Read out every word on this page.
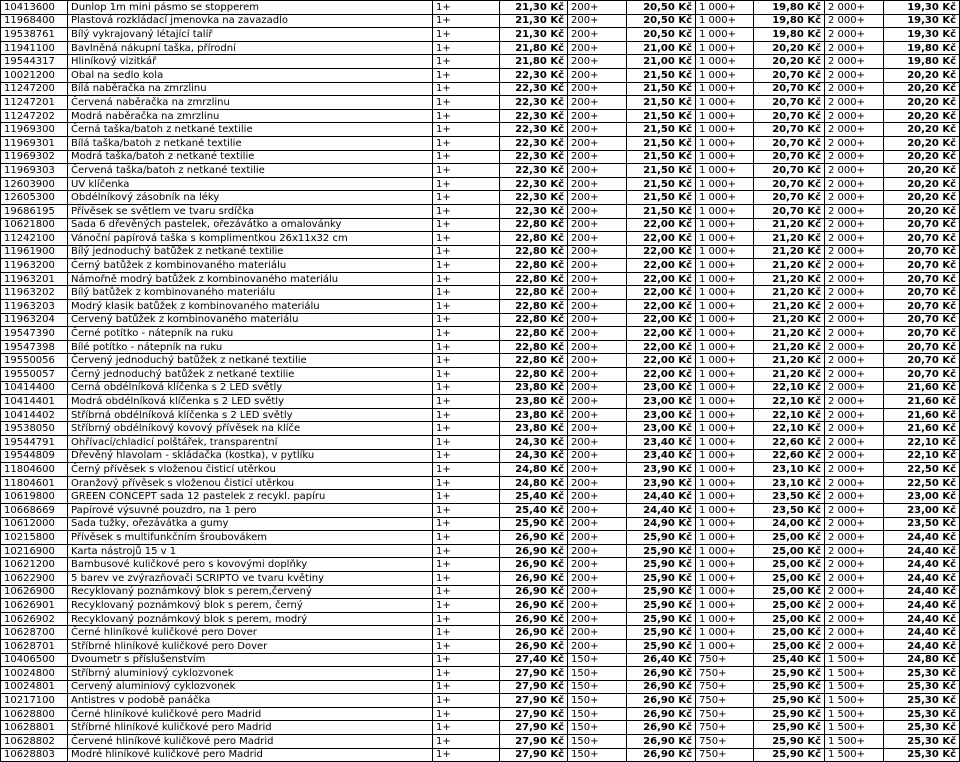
10413600	Dunlop 1m mini pásmo se stopperem	1+	21,30 Kč	200+	20,50 Kč	1 000+	19,80 Kč	2 000+	19,30 Kč
11968400	Plastová rozkládací jmenovka na zavazadlo	1+	21,30 Kč	200+	20,50 Kč	1 000+	19,80 Kč	2 000+	19,30 Kč
19538761	Bílý vykrajovaný létající talíř	1+	21,30 Kč	200+	20,50 Kč	1 000+	19,80 Kč	2 000+	19,30 Kč
11941100	Bavlněná nákupní taška, přírodní	1+	21,80 Kč	200+	21,00 Kč	1 000+	20,20 Kč	2 000+	19,80 Kč
19544317	Hliníkový vizitkář	1+	21,80 Kč	200+	21,00 Kč	1 000+	20,20 Kč	2 000+	19,80 Kč
10021200	Obal na sedlo kola	1+	22,30 Kč	200+	21,50 Kč	1 000+	20,70 Kč	2 000+	20,20 Kč
11247200	Bílá naběračka na zmrzlinu	1+	22,30 Kč	200+	21,50 Kč	1 000+	20,70 Kč	2 000+	20,20 Kč
11247201	Červená naběračka na zmrzlinu	1+	22,30 Kč	200+	21,50 Kč	1 000+	20,70 Kč	2 000+	20,20 Kč
11247202	Modrá naběračka na zmrzlinu	1+	22,30 Kč	200+	21,50 Kč	1 000+	20,70 Kč	2 000+	20,20 Kč
11969300	Černá taška/batoh z netkané textilie	1+	22,30 Kč	200+	21,50 Kč	1 000+	20,70 Kč	2 000+	20,20 Kč
11969301	Bílá taška/batoh z netkané textilie	1+	22,30 Kč	200+	21,50 Kč	1 000+	20,70 Kč	2 000+	20,20 Kč
11969302	Modrá taška/batoh z netkané textilie	1+	22,30 Kč	200+	21,50 Kč	1 000+	20,70 Kč	2 000+	20,20 Kč
11969303	Červená taška/batoh z netkané textilie	1+	22,30 Kč	200+	21,50 Kč	1 000+	20,70 Kč	2 000+	20,20 Kč
12603900	UV klíčenka	1+	22,30 Kč	200+	21,50 Kč	1 000+	20,70 Kč	2 000+	20,20 Kč
12605300	Obdélníkový zásobník na léky	1+	22,30 Kč	200+	21,50 Kč	1 000+	20,70 Kč	2 000+	20,20 Kč
19686195	Přívěsek se světlem ve tvaru srdíčka	1+	22,30 Kč	200+	21,50 Kč	1 000+	20,70 Kč	2 000+	20,20 Kč
10621800	Sada 6 dřevěných pastelek, ořezávátko a omalovánky	1+	22,80 Kč	200+	22,00 Kč	1 000+	21,20 Kč	2 000+	20,70 Kč
11242100	Vánoční papírová taška s komplimentkou 26x11x32 cm	1+	22,80 Kč	200+	22,00 Kč	1 000+	21,20 Kč	2 000+	20,70 Kč
11961900	Bílý jednoduchý batůžek z netkané textilie	1+	22,80 Kč	200+	22,00 Kč	1 000+	21,20 Kč	2 000+	20,70 Kč
11963200	Černý batůžek z kombinovaného materiálu	1+	22,80 Kč	200+	22,00 Kč	1 000+	21,20 Kč	2 000+	20,70 Kč
11963201	Námořně modrý batůžek z kombinovaného materiálu	1+	22,80 Kč	200+	22,00 Kč	1 000+	21,20 Kč	2 000+	20,70 Kč
11963202	Bílý batůžek z kombinovaného materiálu	1+	22,80 Kč	200+	22,00 Kč	1 000+	21,20 Kč	2 000+	20,70 Kč
11963203	Modrý klasik batůžek z kombinovaného materiálu	1+	22,80 Kč	200+	22,00 Kč	1 000+	21,20 Kč	2 000+	20,70 Kč
11963204	Červený batůžek z kombinovaného materiálu	1+	22,80 Kč	200+	22,00 Kč	1 000+	21,20 Kč	2 000+	20,70 Kč
19547390	Černé potítko - nátepník na ruku	1+	22,80 Kč	200+	22,00 Kč	1 000+	21,20 Kč	2 000+	20,70 Kč
19547398	Bílé potítko - nátepník na ruku	1+	22,80 Kč	200+	22,00 Kč	1 000+	21,20 Kč	2 000+	20,70 Kč
19550056	Červený jednoduchý batůžek z netkané textilie	1+	22,80 Kč	200+	22,00 Kč	1 000+	21,20 Kč	2 000+	20,70 Kč
19550057	Černý jednoduchý batůžek z netkané textilie	1+	22,80 Kč	200+	22,00 Kč	1 000+	21,20 Kč	2 000+	20,70 Kč
10414400	Černá obdélníková klíčenka s 2 LED světly	1+	23,80 Kč	200+	23,00 Kč	1 000+	22,10 Kč	2 000+	21,60 Kč
10414401	Modrá obdélníková klíčenka s 2 LED světly	1+	23,80 Kč	200+	23,00 Kč	1 000+	22,10 Kč	2 000+	21,60 Kč
10414402	Stříbrná obdélníková klíčenka s 2 LED světly	1+	23,80 Kč	200+	23,00 Kč	1 000+	22,10 Kč	2 000+	21,60 Kč
19538050	Stříbrný obdélníkový kovový přívěsek na klíče	1+	23,80 Kč	200+	23,00 Kč	1 000+	22,10 Kč	2 000+	21,60 Kč
19544791	Ohřívací/chladicí polštářek, transparentní	1+	24,30 Kč	200+	23,40 Kč	1 000+	22,60 Kč	2 000+	22,10 Kč
19544809	Dřevěný hlavolam - skládačka (kostka), v pytlíku	1+	24,30 Kč	200+	23,40 Kč	1 000+	22,60 Kč	2 000+	22,10 Kč
11804600	Černý přívěsek s vloženou čisticí utěrkou	1+	24,80 Kč	200+	23,90 Kč	1 000+	23,10 Kč	2 000+	22,50 Kč
11804601	Oranžový přívěsek s vloženou čisticí utěrkou	1+	24,80 Kč	200+	23,90 Kč	1 000+	23,10 Kč	2 000+	22,50 Kč
10619800	GREEN CONCEPT sada 12 pastelek z recykl. papíru	1+	25,40 Kč	200+	24,40 Kč	1 000+	23,50 Kč	2 000+	23,00 Kč
10668669	Papírové výsuvné pouzdro, na 1 pero	1+	25,40 Kč	200+	24,40 Kč	1 000+	23,50 Kč	2 000+	23,00 Kč
10612000	Sada tužky, ořezávátka a gumy	1+	25,90 Kč	200+	24,90 Kč	1 000+	24,00 Kč	2 000+	23,50 Kč
10215800	Přívěsek s multifunkčním šroubovákem	1+	26,90 Kč	200+	25,90 Kč	1 000+	25,00 Kč	2 000+	24,40 Kč
10216900	Karta nástrojů 15 v 1	1+	26,90 Kč	200+	25,90 Kč	1 000+	25,00 Kč	2 000+	24,40 Kč
10621200	Bambusové kuličkové pero s kovovými doplňky	1+	26,90 Kč	200+	25,90 Kč	1 000+	25,00 Kč	2 000+	24,40 Kč
10622900	5 barev ve zvýrazňovači SCRIPTO ve tvaru květiny	1+	26,90 Kč	200+	25,90 Kč	1 000+	25,00 Kč	2 000+	24,40 Kč
10626900	Recyklovaný poznámkový blok s perem,červený	1+	26,90 Kč	200+	25,90 Kč	1 000+	25,00 Kč	2 000+	24,40 Kč
10626901	Recyklovaný poznámkový blok s perem, černý	1+	26,90 Kč	200+	25,90 Kč	1 000+	25,00 Kč	2 000+	24,40 Kč
10626902	Recyklovaný poznámkový blok s perem, modrý	1+	26,90 Kč	200+	25,90 Kč	1 000+	25,00 Kč	2 000+	24,40 Kč
10628700	Černé hliníkové kuličkové pero Dover	1+	26,90 Kč	200+	25,90 Kč	1 000+	25,00 Kč	2 000+	24,40 Kč
10628701	Stříbrné hliníkové kuličkové pero Dover	1+	26,90 Kč	200+	25,90 Kč	1 000+	25,00 Kč	2 000+	24,40 Kč
10406500	Dvoumetr s příslušenstvím	1+	27,40 Kč	150+	26,40 Kč	750+	25,40 Kč	1 500+	24,80 Kč
10024800	Stříbrný aluminiový cyklozvonek	1+	27,90 Kč	150+	26,90 Kč	750+	25,90 Kč	1 500+	25,30 Kč
10024801	Červený aluminiový cyklozvonek	1+	27,90 Kč	150+	26,90 Kč	750+	25,90 Kč	1 500+	25,30 Kč
10217100	Antistres v podobě panáčka	1+	27,90 Kč	150+	26,90 Kč	750+	25,90 Kč	1 500+	25,30 Kč
10628800	Černé hliníkové kuličkové pero Madrid	1+	27,90 Kč	150+	26,90 Kč	750+	25,90 Kč	1 500+	25,30 Kč
10628801	Stříbrné hliníkové kuličkové pero Madrid	1+	27,90 Kč	150+	26,90 Kč	750+	25,90 Kč	1 500+	25,30 Kč
10628802	Červené hliníkové kuličkové pero Madrid	1+	27,90 Kč	150+	26,90 Kč	750+	25,90 Kč	1 500+	25,30 Kč
10628803	Modré hliníkové kuličkové pero Madrid	1+	27,90 Kč	150+	26,90 Kč	750+	25,90 Kč	1 500+	25,30 Kč
